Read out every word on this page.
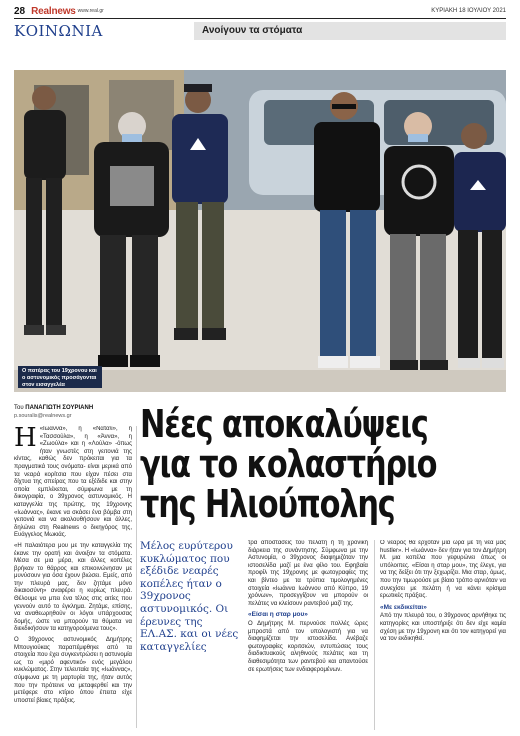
28 Realnews www.real.gr	ΚΥΡΙΑΚΗ 18 ΙΟΥΛΙΟΥ 2021
ΚΟΙΝΩΝΙΑ	Ανοίγουν τα στόματα
Ο πατέρας του 19χρονου και ο αστυνομικός προσάγονται στον εισαγγελέα
Του ΠΑΝΑΓΙΩΤΗ ΣΟΥΡΙΑΝΗ
p.souralis@realnews.gr	Νέες αποκαλύψεις
για το κολαστήριο
της Ηλιούπολης
Η «Ιωάννα», η «Νάτα\ι», η «Τασσούλα», η «Άννα», η «Ζωούλα» και η «Λούλα» -όπως ήταν γνωστές στη γειτονιά της κίντας, καθώς δεν πρόκειται για τα πραγματικά τους ονόματα- είναι μερικά από τα νεαρά κορίτσια που είχαν πέσει στα δίχτυα της σπείρας που τα εξέδιδε και στην οποία εμπλέκεται, σύμφωνα με τη δικογραφία, ο 39χρονος αστυνομικός. Η καταγγελία της πρώτης, της 19χρονης «Ιωάννας», έκανε να σκάσει ένα βόμβα στη γειτονιά και να ακολουθήσουν και άλλες, δηλώνει στη Realnews ο δικηγόρος της, Ευάγγελος Μωκιάς.

«Η παλαιότερα μου με την καταγγελία της έκανε την ορατή και άνοιξαν τα στόματα. Μέσα σε μια μέρα, και άλλες κοπέλες βρήκαν το θάρρος και επικοινώνησαν με μυνύσουν για όσα έχουν βιώσει. Εμείς, από την πλευρά μας, δεν ζητάμε μόνο δικαιοσύνη» αναφέρει η κυρίως πλευρά. Θέλουμε να μπει ένα τέλος στις αιτίες που γεννούν αυτό το έγκλημα. Ζητάμε, επίσης, να αναθεωρηθούν οι λόγοι υπάρχουσας δομής, ώστε να μπορούν τα θύματα να διεκδικήσουν τα κατηγορούμενα τους».

Ο 39χρονος αστυνομικός Δημήτρης Μπουγιούκας παραπέμφθηκε από τα στοιχεία που έχει συγκεντρώσει η αστυνομία ως το «μιρό αφεντικό» ενός μεγάλου κυκλώματος. Στην τελευταία της «Ιωάννας», σύμφωνα με τη μαρτυρία της, ήταν αυτός που την πρότεινε να μεταφερθεί και την μετέφερε στο κτίριο όπου έπειτα είχε υποστεί βίαιες πράξεις.

Μέλος ευρύτερου κυκλώματος που εξέδιδε νεαρές κοπέλες ήταν ο 39χρονος αστυνομικός. Οι έρευνες της ΕΛ.ΑΣ. και οι νέες καταγγελίες

τρα αποστάσεις του πελάτη ή τη χρονική διάρκεια της συνάντησης. Σύμφωνα με την Αστυνομία, ο 39χρονος διαφημιζόταν την ιστοσελίδα μαζί με ένα φίλο του. Εφηβαία προφίλ της 19χρονης με φωτογραφίες της και βίντεο με τα τρύπια τιμολογημένες στοιχεία «Ιωάννα Ιωάννου από Κύπρο, 19 χρόνων», προσεγγίζουν να μπορούν οι πελάτες να κλείσουν ραντεβού μαζί της.

«Είσαι η σταρ μου»

Ο Δημήτρης Μ. περνούσε πολλές ώρες μπροστά από τον υπολογιστή για να διαφημίζεται την ιστοσελίδα. Ανέβαζε φωτογραφίες κοριτσιών, εντυπώσεις τους διαδικτυακούς αληθινούς πελάτες και τη διαθεσιμότητα των ραντεβού και απαντούσε σε ερωτήσεις των ενδιαφερομένων.

Ο νεαρός θα ερχόταν μία ώρα με τη νέα μας hustler». Η «Ιωάννα» δεν ήταν για τον Δημήτρη Μ. μια κοπέλα που γεφυρώνει όπως οι υπόλοιπες. «Είσαι η σταρ μου», της έλεγε, για να της δείξει ότι την ξεχωρίζει. Μια σταρ, όμως, που την τιμωρούσε με βίαιο τρόπο αρνιόταν να συνεχίσει με πελάτη ή να κάνει κρίσιμα ερωτικές πράξεις.

«Με εκδικείται»

Από την πλευρά του, ο 39χρονος αρνήθηκε τις κατηγορίες και υποστήριξε ότι δεν είχε καμία σχέση με την 19χρονη και ότι τον κατηγορεί για να τον εκδικηθεί.
